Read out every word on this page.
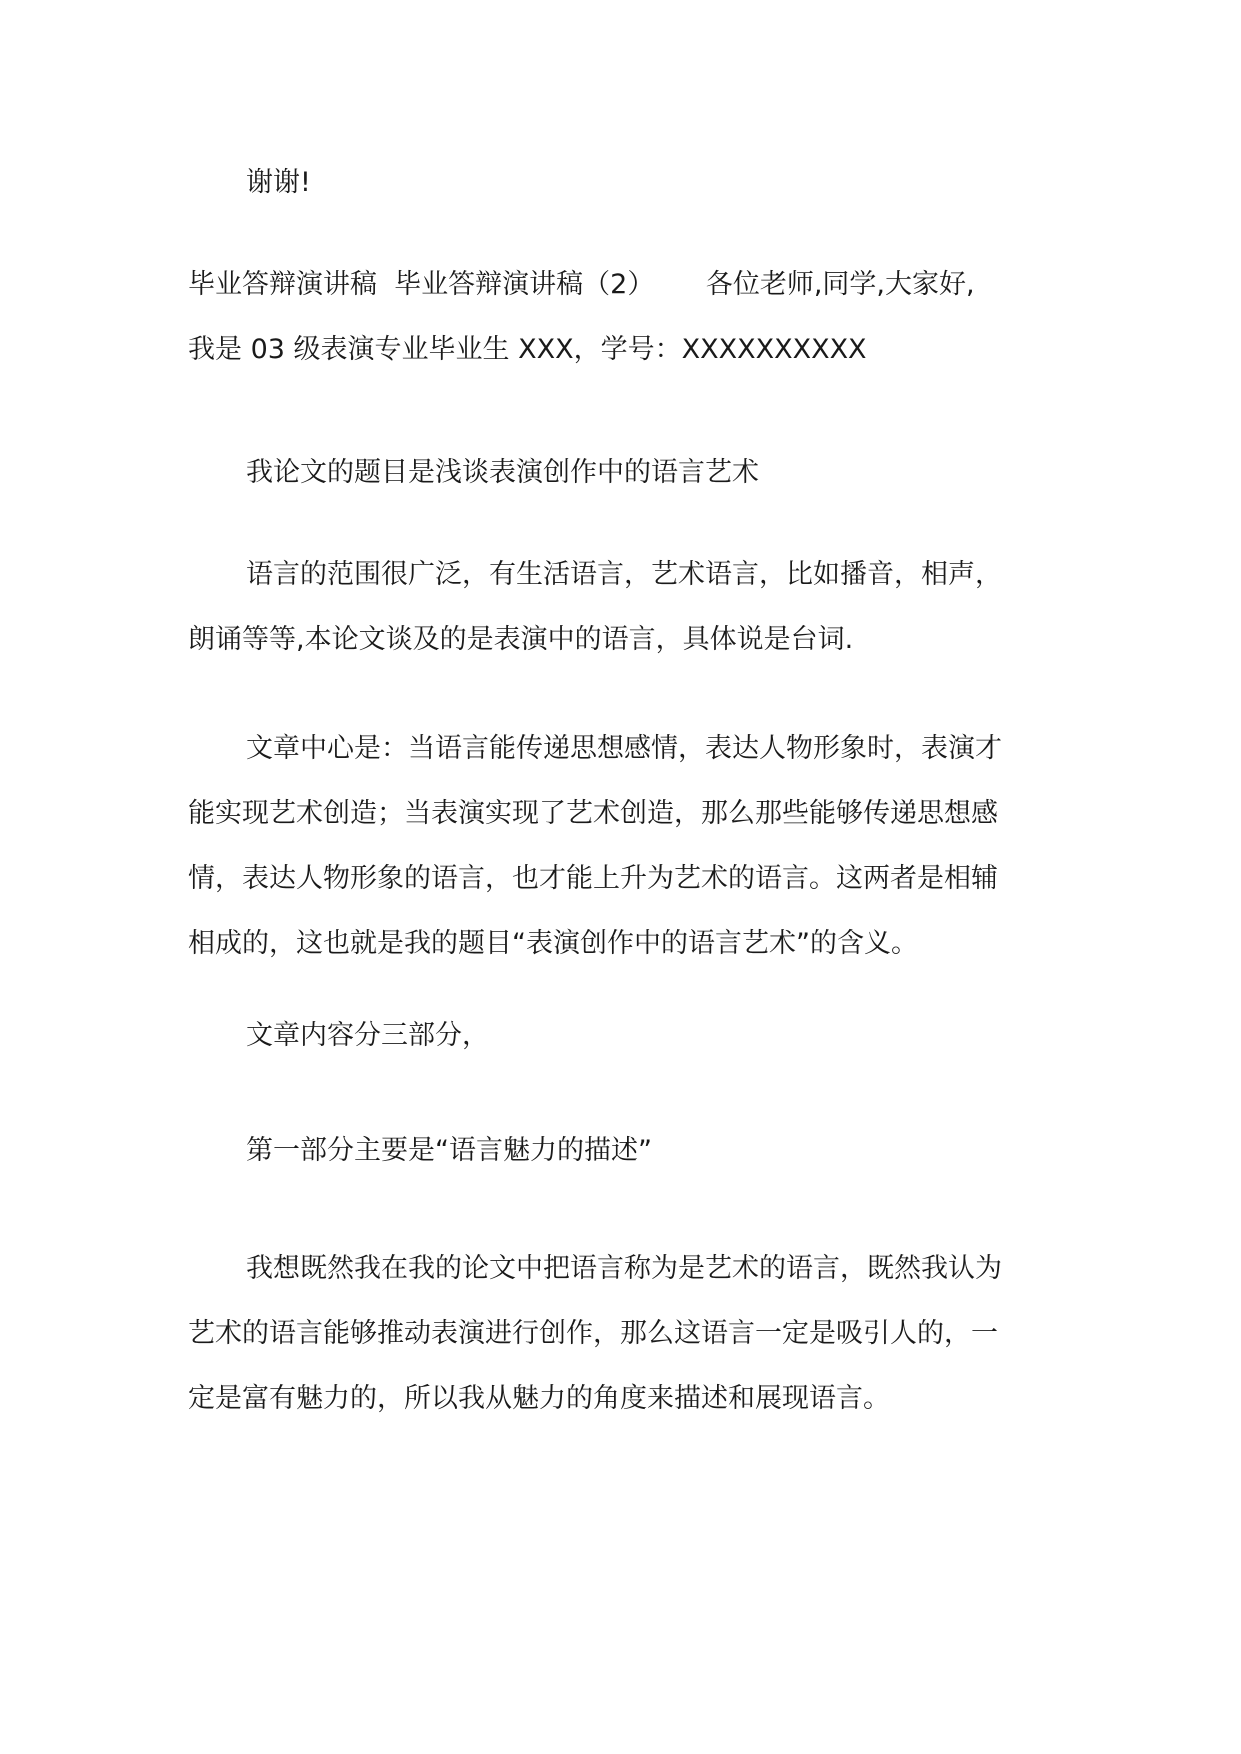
谢谢!

毕业答辩演讲稿  毕业答辩演讲稿（2）      各位老师,同学,大家好,
我是 03 级表演专业毕业生 XXX，学号：XXXXXXXXXX

我论文的题目是浅谈表演创作中的语言艺术

语言的范围很广泛，有生活语言，艺术语言，比如播音，相声，
朗诵等等,本论文谈及的是表演中的语言，具体说是台词.

文章中心是：当语言能传递思想感情，表达人物形象时，表演才
能实现艺术创造；当表演实现了艺术创造，那么那些能够传递思想感
情，表达人物形象的语言，也才能上升为艺术的语言。这两者是相辅
相成的，这也就是我的题目“表演创作中的语言艺术”的含义。

文章内容分三部分，

第一部分主要是“语言魅力的描述”

我想既然我在我的论文中把语言称为是艺术的语言，既然我认为
艺术的语言能够推动表演进行创作，那么这语言一定是吸引人的，一
定是富有魅力的，所以我从魅力的角度来描述和展现语言。
